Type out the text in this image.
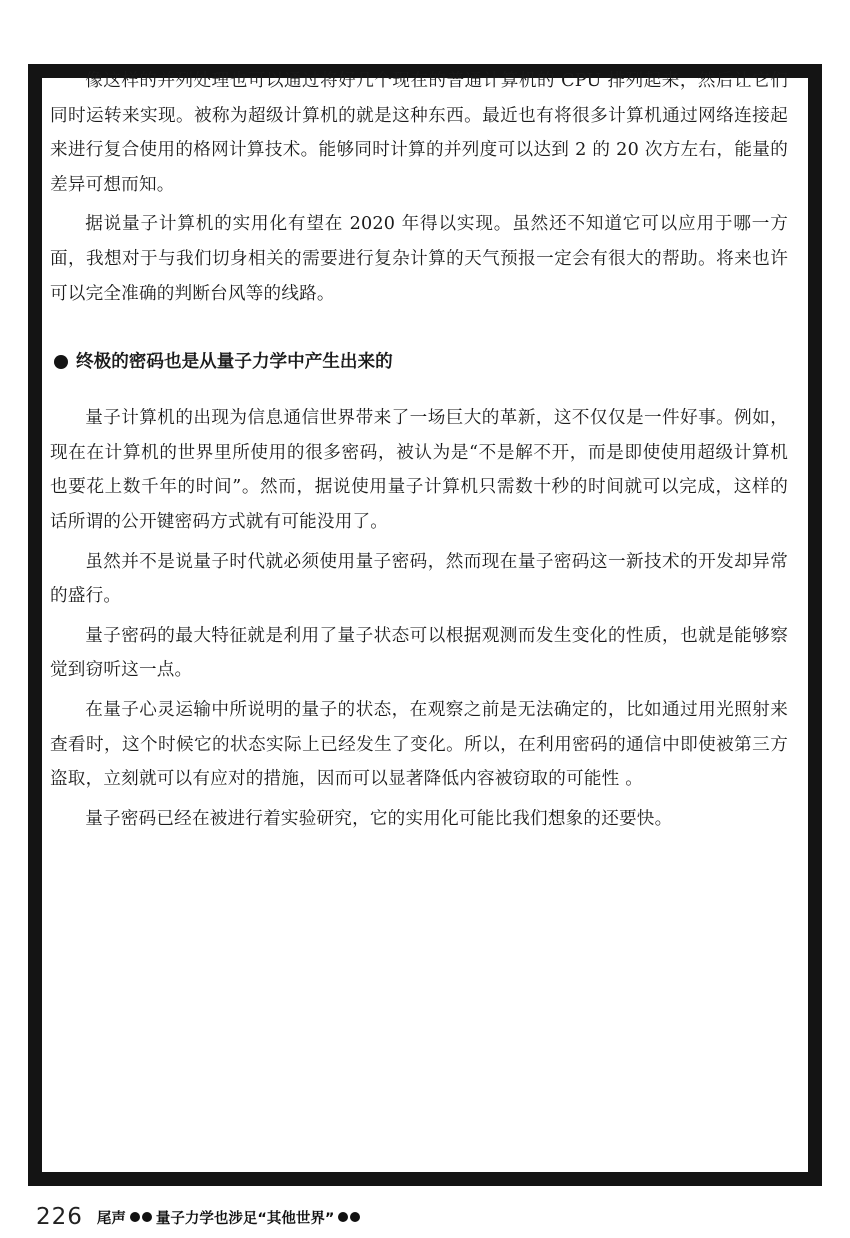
像这样的并列处理也可以通过将好几个现在的普通计算机的 CPU 排列起来，然后让它们同时运转来实现。被称为超级计算机的就是这种东西。最近也有将很多计算机通过网络连接起来进行复合使用的格网计算技术。能够同时计算的并列度可以达到 2 的 20 次方左右，能量的差异可想而知。

据说量子计算机的实用化有望在 2020 年得以实现。虽然还不知道它可以应用于哪一方面，我想对于与我们切身相关的需要进行复杂计算的天气预报一定会有很大的帮助。将来也许可以完全准确的判断台风等的线路。

终极的密码也是从量子力学中产生出来的

量子计算机的出现为信息通信世界带来了一场巨大的革新，这不仅仅是一件好事。例如，现在在计算机的世界里所使用的很多密码，被认为是“不是解不开，而是即使使用超级计算机也要花上数千年的时间”。然而，据说使用量子计算机只需数十秒的时间就可以完成，这样的话所谓的公开键密码方式就有可能没用了。

虽然并不是说量子时代就必须使用量子密码，然而现在量子密码这一新技术的开发却异常的盛行。

量子密码的最大特征就是利用了量子状态可以根据观测而发生变化的性质，也就是能够察觉到窃听这一点。

在量子心灵运输中所说明的量子的状态，在观察之前是无法确定的，比如通过用光照射来查看时，这个时候它的状态实际上已经发生了变化。所以，在利用密码的通信中即使被第三方盗取，立刻就可以有应对的措施，因而可以显著降低内容被窃取的可能性 。

量子密码已经在被进行着实验研究，它的实用化可能比我们想象的还要快。

226 尾声 量子力学也涉足“其他世界”
